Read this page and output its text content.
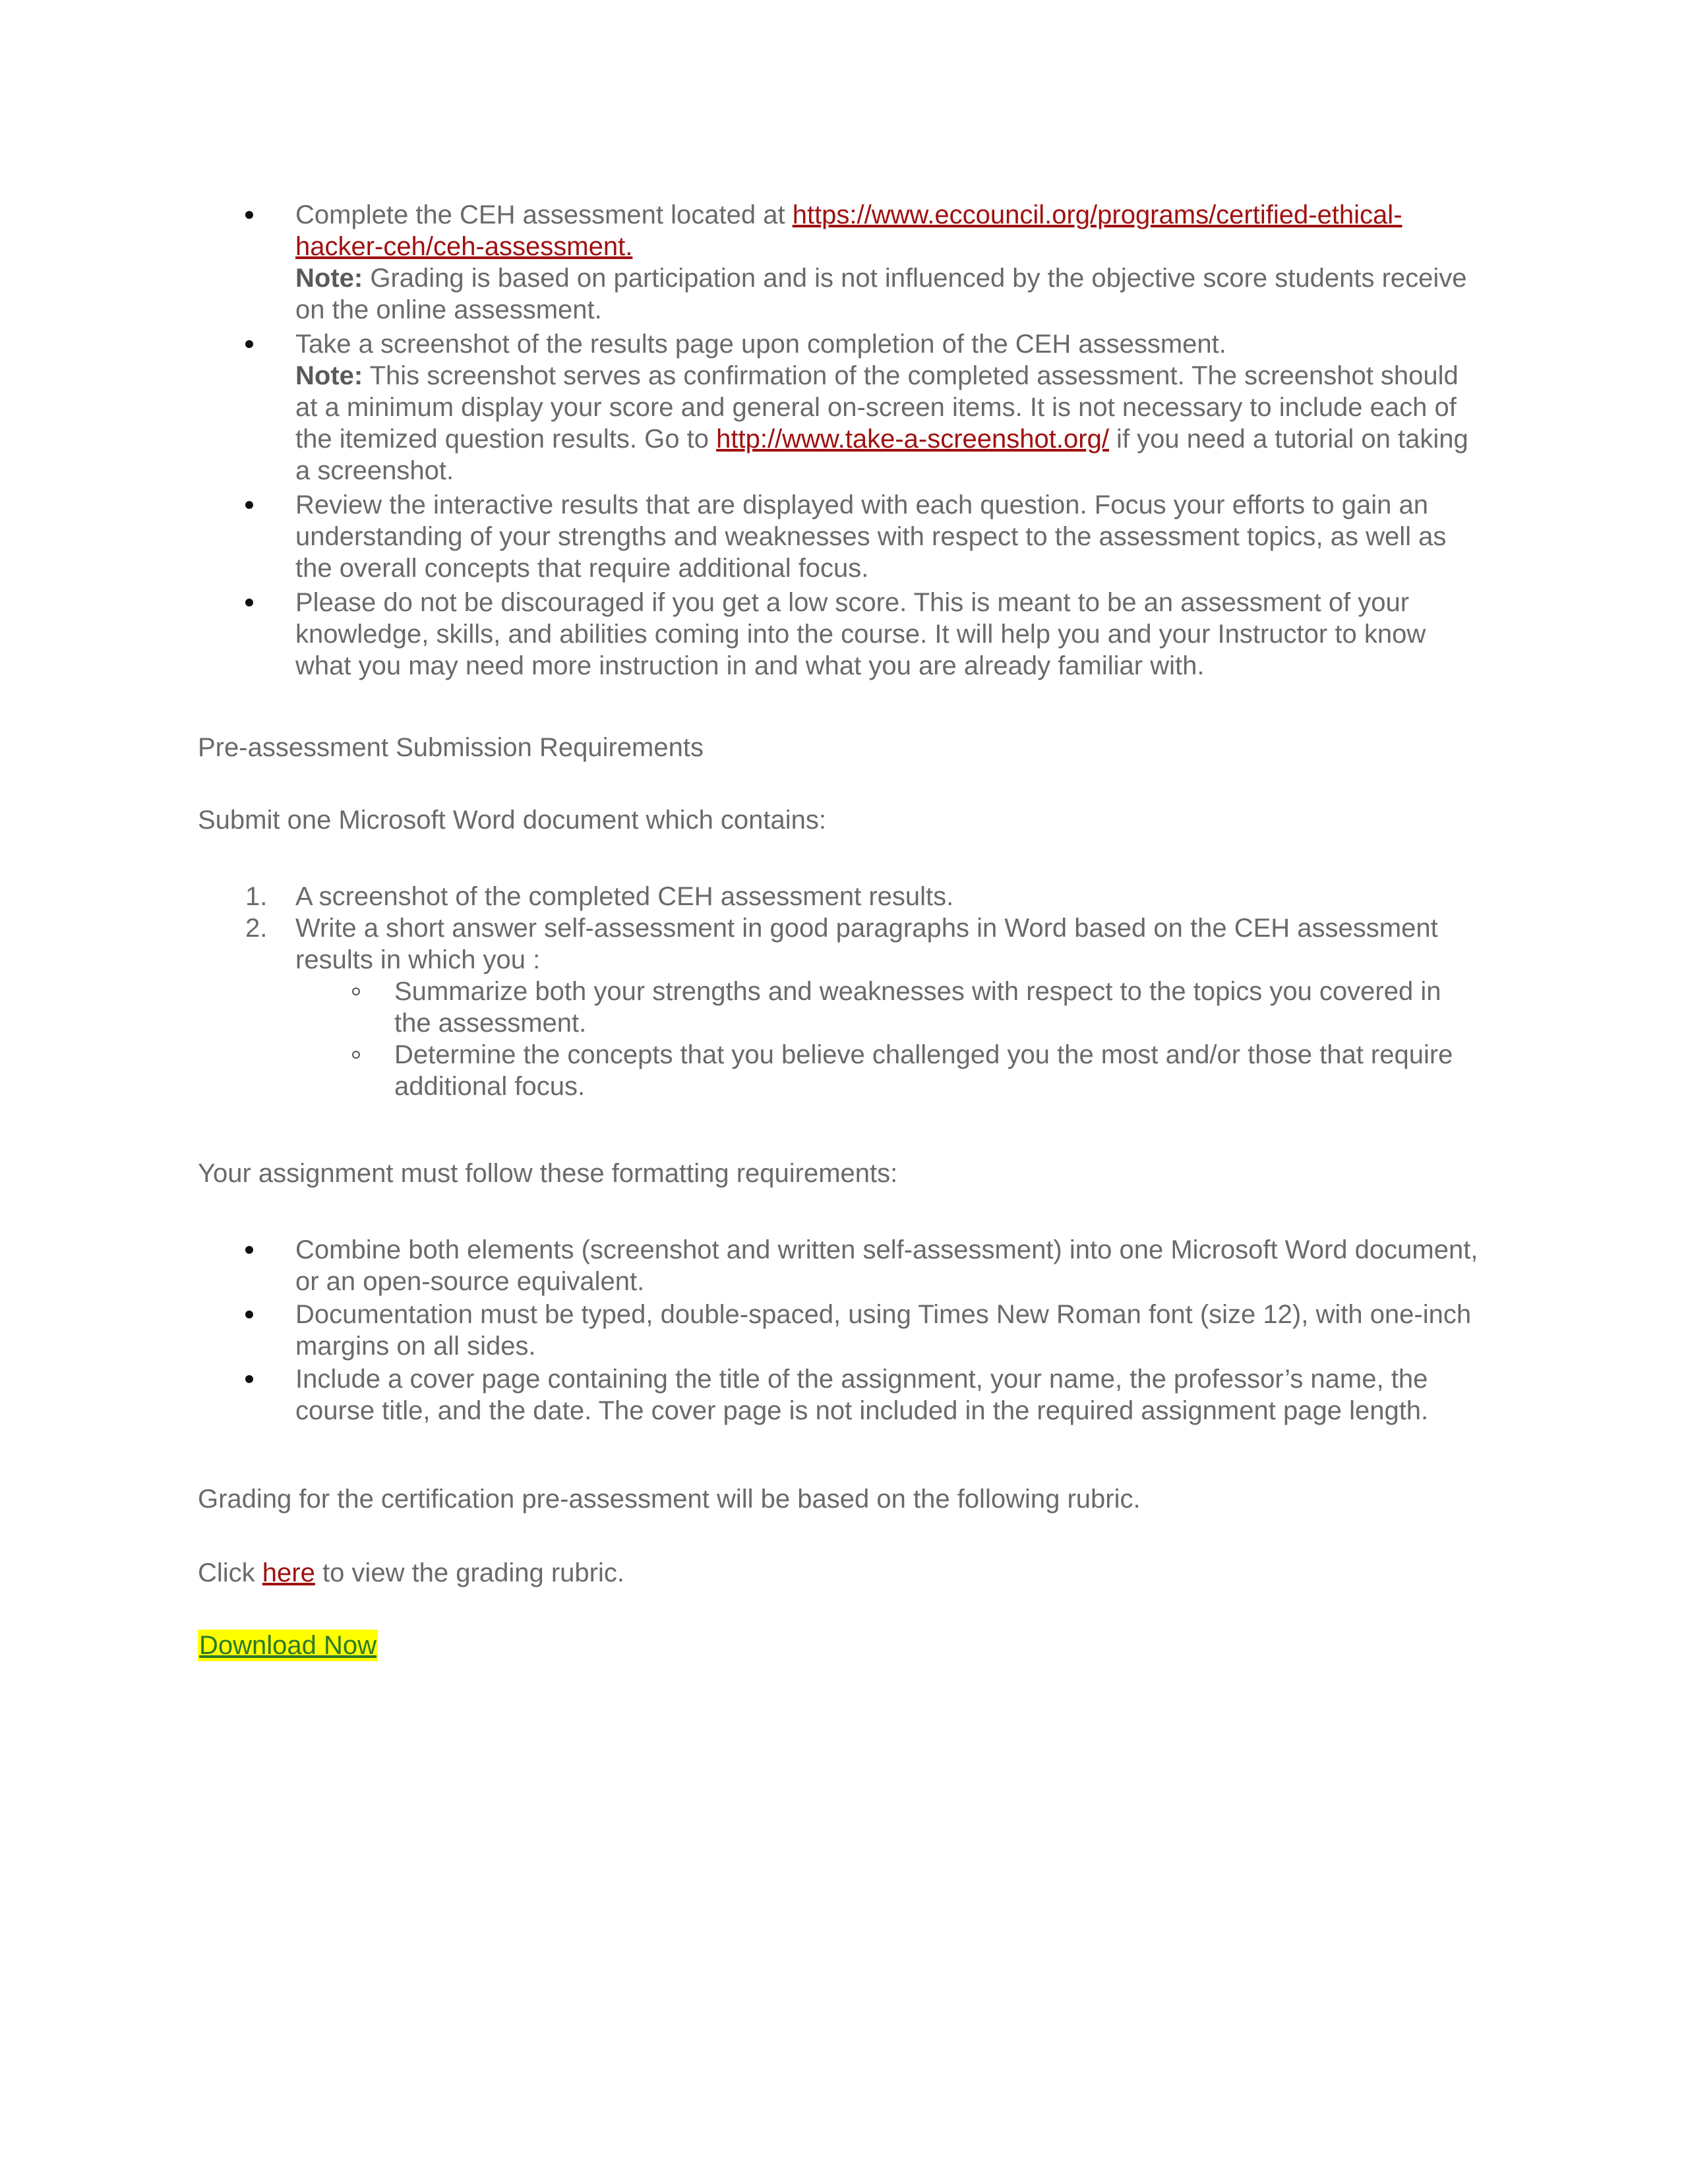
Complete the CEH assessment located at https://www.eccouncil.org/programs/certified-ethical-hacker-ceh/ceh-assessment.
Note: Grading is based on participation and is not influenced by the objective score students receive on the online assessment.
Take a screenshot of the results page upon completion of the CEH assessment.
Note: This screenshot serves as confirmation of the completed assessment. The screenshot should at a minimum display your score and general on-screen items. It is not necessary to include each of the itemized question results. Go to http://www.take-a-screenshot.org/ if you need a tutorial on taking a screenshot.
Review the interactive results that are displayed with each question. Focus your efforts to gain an understanding of your strengths and weaknesses with respect to the assessment topics, as well as the overall concepts that require additional focus.
Please do not be discouraged if you get a low score. This is meant to be an assessment of your knowledge, skills, and abilities coming into the course. It will help you and your Instructor to know what you may need more instruction in and what you are already familiar with.

Pre-assessment Submission Requirements

Submit one Microsoft Word document which contains:

1. A screenshot of the completed CEH assessment results.
2. Write a short answer self-assessment in good paragraphs in Word based on the CEH assessment results in which you :
Summarize both your strengths and weaknesses with respect to the topics you covered in the assessment.
Determine the concepts that you believe challenged you the most and/or those that require additional focus.

Your assignment must follow these formatting requirements:

Combine both elements (screenshot and written self-assessment) into one Microsoft Word document, or an open-source equivalent.
Documentation must be typed, double-spaced, using Times New Roman font (size 12), with one-inch margins on all sides.
Include a cover page containing the title of the assignment, your name, the professor’s name, the course title, and the date. The cover page is not included in the required assignment page length.

Grading for the certification pre-assessment will be based on the following rubric.

Click here to view the grading rubric.

Download Now
